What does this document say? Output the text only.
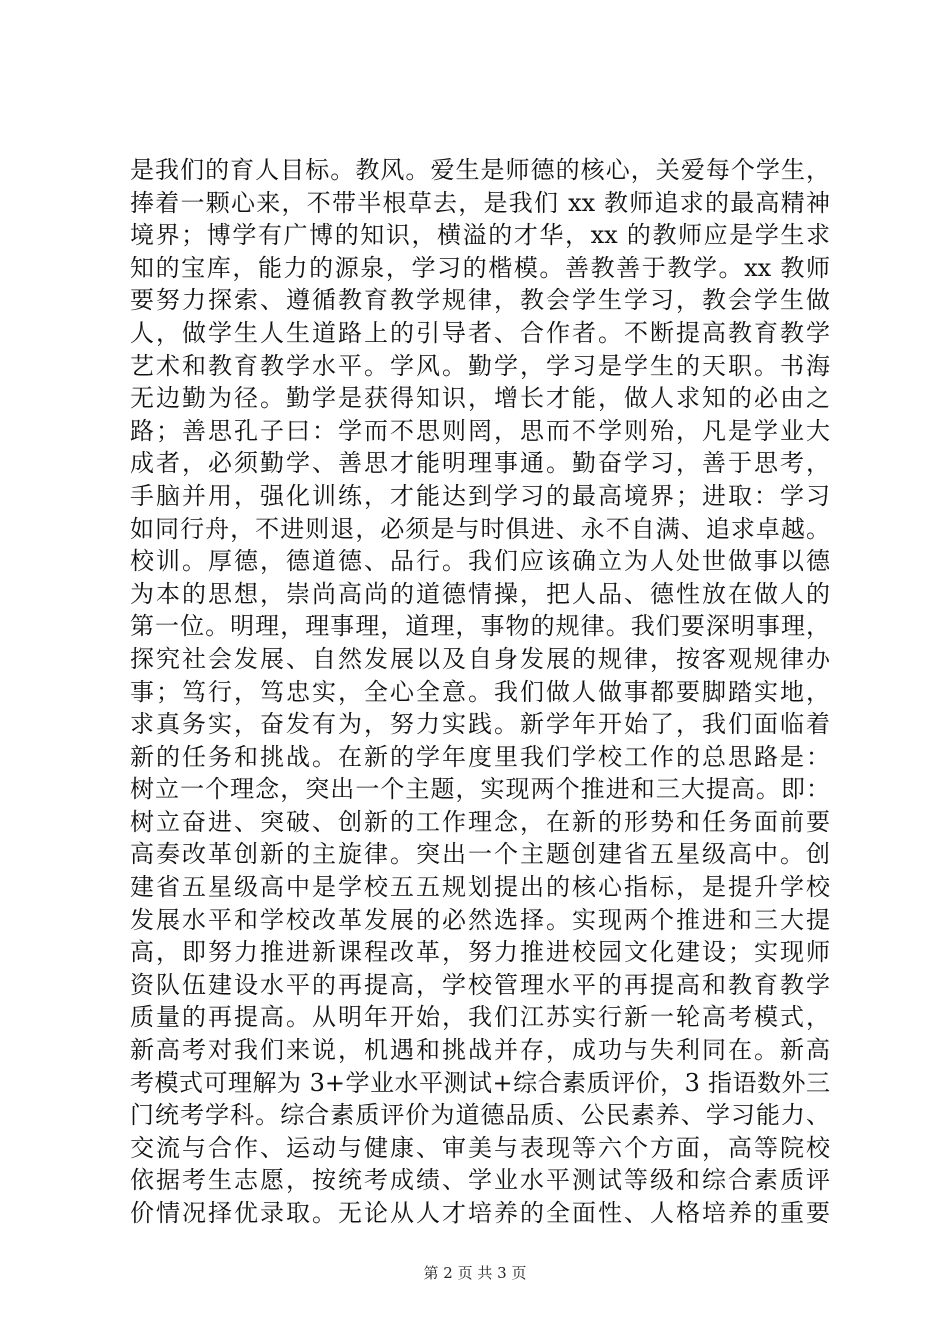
是我们的育人目标。教风。爱生是师德的核心，关爱每个学生，
捧着一颗心来，不带半根草去，是我们 xx 教师追求的最高精神
境界；博学有广博的知识，横溢的才华，xx 的教师应是学生求
知的宝库，能力的源泉，学习的楷模。善教善于教学。xx 教师
要努力探索、遵循教育教学规律，教会学生学习，教会学生做
人，做学生人生道路上的引导者、合作者。不断提高教育教学
艺术和教育教学水平。学风。勤学，学习是学生的天职。书海
无边勤为径。勤学是获得知识，增长才能，做人求知的必由之
路；善思孔子曰：学而不思则罔，思而不学则殆，凡是学业大
成者，必须勤学、善思才能明理事通。勤奋学习，善于思考，
手脑并用，强化训练，才能达到学习的最高境界；进取：学习
如同行舟，不进则退，必须是与时俱进、永不自满、追求卓越。
校训。厚德，德道德、品行。我们应该确立为人处世做事以德
为本的思想，崇尚高尚的道德情操，把人品、德性放在做人的
第一位。明理，理事理，道理，事物的规律。我们要深明事理，
探究社会发展、自然发展以及自身发展的规律，按客观规律办
事；笃行，笃忠实，全心全意。我们做人做事都要脚踏实地，
求真务实，奋发有为，努力实践。新学年开始了，我们面临着
新的任务和挑战。在新的学年度里我们学校工作的总思路是：
树立一个理念，突出一个主题，实现两个推进和三大提高。即：
树立奋进、突破、创新的工作理念，在新的形势和任务面前要
高奏改革创新的主旋律。突出一个主题创建省五星级高中。创
建省五星级高中是学校五五规划提出的核心指标，是提升学校
发展水平和学校改革发展的必然选择。实现两个推进和三大提
高，即努力推进新课程改革，努力推进校园文化建设；实现师
资队伍建设水平的再提高，学校管理水平的再提高和教育教学
质量的再提高。从明年开始，我们江苏实行新一轮高考模式，
新高考对我们来说，机遇和挑战并存，成功与失利同在。新高
考模式可理解为 3+学业水平测试+综合素质评价，3 指语数外三
门统考学科。综合素质评价为道德品质、公民素养、学习能力、
交流与合作、运动与健康、审美与表现等六个方面，高等院校
依据考生志愿，按统考成绩、学业水平测试等级和综合素质评
价情况择优录取。无论从人才培养的全面性、人格培养的重要
第 2 页 共 3 页
